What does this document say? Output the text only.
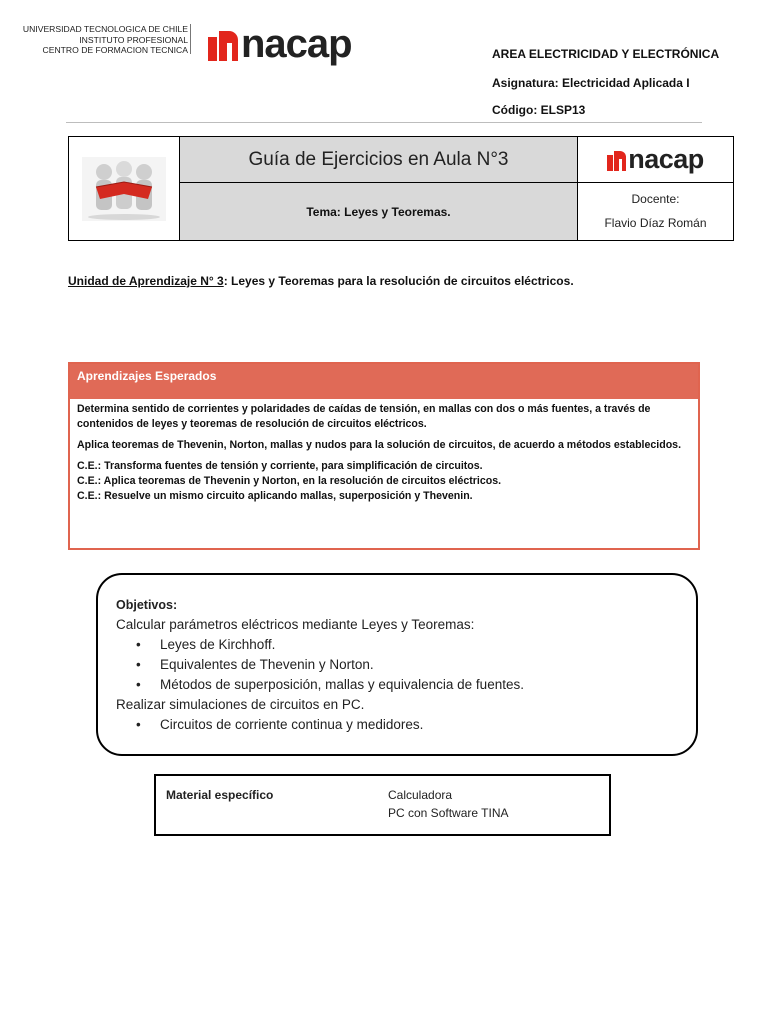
UNIVERSIDAD TECNOLOGICA DE CHILE
INSTITUTO PROFESIONAL
CENTRO DE FORMACION TECNICA nacap	AREA ELECTRICIDAD Y ELECTRÓNICA
Asignatura: Electricidad Aplicada I
Código: ELSP13
Guía de Ejercicios en Aula N°3
Tema: Leyes y Teoremas.
nacap
Docente:
Flavio Díaz Román
Unidad de Aprendizaje N° 3: Leyes y Teoremas para la resolución de circuitos eléctricos.
Aprendizajes Esperados

Determina sentido de corrientes y polaridades de caídas de tensión, en mallas con dos o más fuentes, a través de contenidos de leyes y teoremas de resolución de circuitos eléctricos.

Aplica teoremas de Thevenin, Norton, mallas y nudos para la solución de circuitos, de acuerdo a métodos establecidos.

C.E.: Transforma fuentes de tensión y corriente, para simplificación de circuitos.

C.E.: Aplica teoremas de Thevenin y Norton, en la resolución de circuitos eléctricos.

C.E.: Resuelve un mismo circuito aplicando mallas, superposición y Thevenin.

Objetivos:
Calcular parámetros eléctricos mediante Leyes y Teoremas:
• Leyes de Kirchhoff.
• Equivalentes de Thevenin y Norton.
• Métodos de superposición, mallas y equivalencia de fuentes.
Realizar simulaciones de circuitos en PC.
• Circuitos de corriente continua y medidores.
Material específico	Calculadora
PC con Software TINA
